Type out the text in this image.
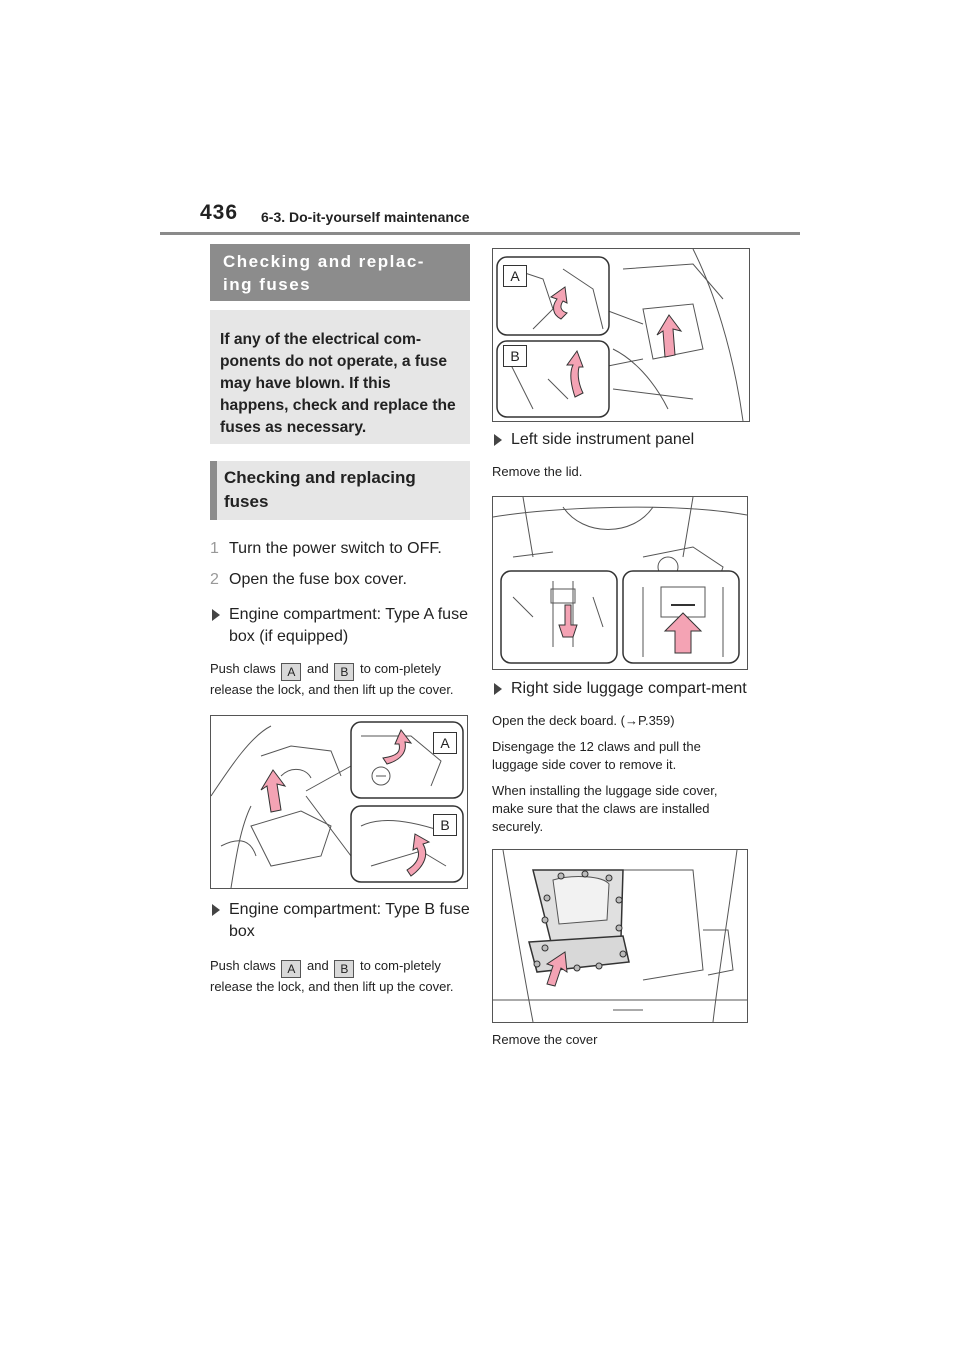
436 6-3. Do-it-yourself maintenance
Checking and replac-
ing fuses
If any of the electrical com-ponents do not operate, a fuse may have blown. If this happens, check and replace the fuses as necessary.
Checking and replacing fuses
1 Turn the power switch to OFF.
2 Open the fuse box cover.
Engine compartment: Type A fuse box (if equipped)
Push claws A and B to com-pletely release the lock, and then lift up the cover.
A
B
Engine compartment: Type B fuse box
Push claws A and B to com-pletely release the lock, and then lift up the cover.
A
B
Left side instrument panel
Remove the lid.
Right side luggage compart-ment
Open the deck board. (→P.359)
Disengage the 12 claws and pull the luggage side cover to remove it.
When installing the luggage side cover, make sure that the claws are installed securely.
Remove the cover
